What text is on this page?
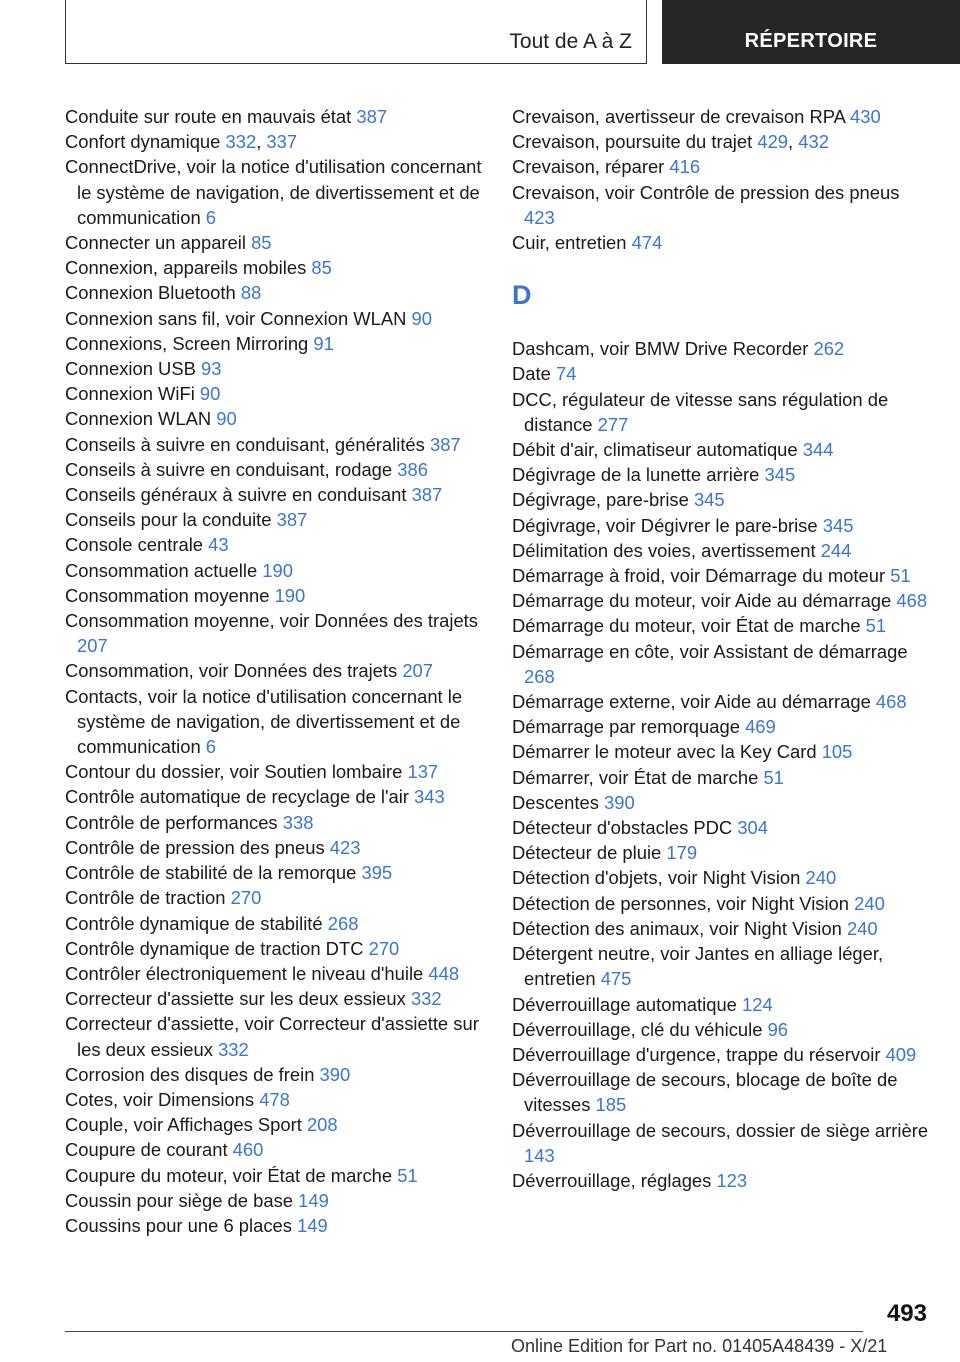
Tout de A à Z	RÉPERTOIRE
Conduite sur route en mauvais état 387
Confort dynamique 332, 337
ConnectDrive, voir la notice d'utilisation concernant le système de navigation, de divertissement et de communication 6
Connecter un appareil 85
Connexion, appareils mobiles 85
Connexion Bluetooth 88
Connexion sans fil, voir Connexion WLAN 90
Connexions, Screen Mirroring 91
Connexion USB 93
Connexion WiFi 90
Connexion WLAN 90
Conseils à suivre en conduisant, généralités 387
Conseils à suivre en conduisant, rodage 386
Conseils généraux à suivre en conduisant 387
Conseils pour la conduite 387
Console centrale 43
Consommation actuelle 190
Consommation moyenne 190
Consommation moyenne, voir Données des trajets 207
Consommation, voir Données des trajets 207
Contacts, voir la notice d'utilisation concernant le système de navigation, de divertissement et de communication 6
Contour du dossier, voir Soutien lombaire 137
Contrôle automatique de recyclage de l'air 343
Contrôle de performances 338
Contrôle de pression des pneus 423
Contrôle de stabilité de la remorque 395
Contrôle de traction 270
Contrôle dynamique de stabilité 268
Contrôle dynamique de traction DTC 270
Contrôler électroniquement le niveau d'huile 448
Correcteur d'assiette sur les deux essieux 332
Correcteur d'assiette, voir Correcteur d'assiette sur les deux essieux 332
Corrosion des disques de frein 390
Cotes, voir Dimensions 478
Couple, voir Affichages Sport 208
Coupure de courant 460
Coupure du moteur, voir État de marche 51
Coussin pour siège de base 149
Coussins pour une 6 places 149
Crevaison, avertisseur de crevaison RPA 430
Crevaison, poursuite du trajet 429, 432
Crevaison, réparer 416
Crevaison, voir Contrôle de pression des pneus 423
Cuir, entretien 474
D
Dashcam, voir BMW Drive Recorder 262
Date 74
DCC, régulateur de vitesse sans régulation de distance 277
Débit d'air, climatiseur automatique 344
Dégivrage de la lunette arrière 345
Dégivrage, pare-brise 345
Dégivrage, voir Dégivrer le pare-brise 345
Délimitation des voies, avertissement 244
Démarrage à froid, voir Démarrage du moteur 51
Démarrage du moteur, voir Aide au démarrage 468
Démarrage du moteur, voir État de marche 51
Démarrage en côte, voir Assistant de démarrage 268
Démarrage externe, voir Aide au démarrage 468
Démarrage par remorquage 469
Démarrer le moteur avec la Key Card 105
Démarrer, voir État de marche 51
Descentes 390
Détecteur d'obstacles PDC 304
Détecteur de pluie 179
Détection d'objets, voir Night Vision 240
Détection de personnes, voir Night Vision 240
Détection des animaux, voir Night Vision 240
Détergent neutre, voir Jantes en alliage léger, entretien 475
Déverrouillage automatique 124
Déverrouillage, clé du véhicule 96
Déverrouillage d'urgence, trappe du réservoir 409
Déverrouillage de secours, blocage de boîte de vitesses 185
Déverrouillage de secours, dossier de siège arrière 143
Déverrouillage, réglages 123
493
Online Edition for Part no. 01405A48439 - X/21
